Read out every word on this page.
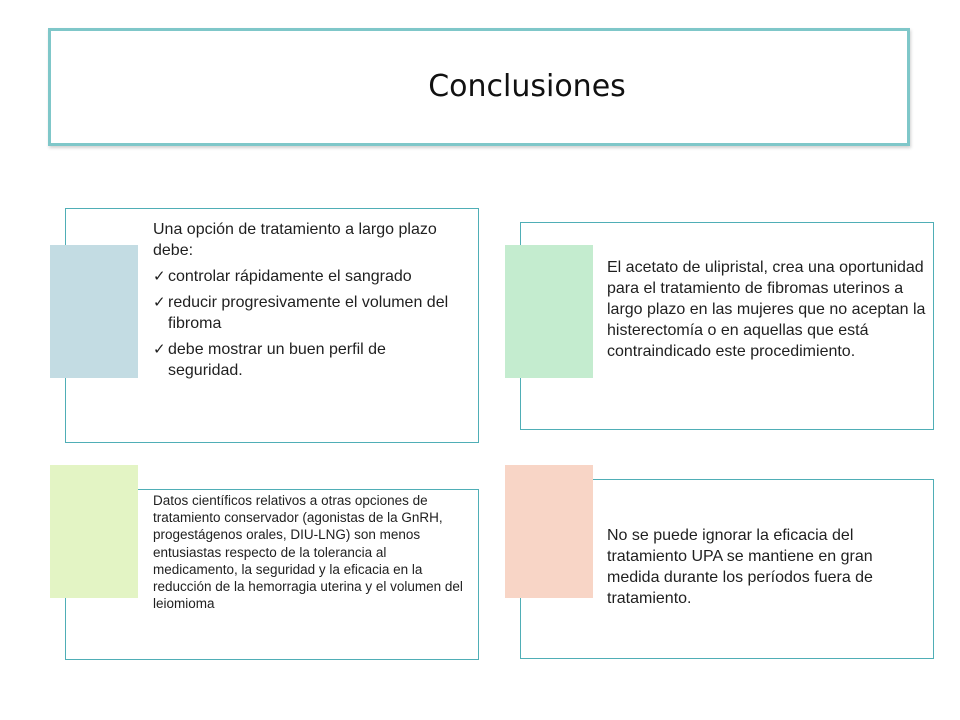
Conclusiones
Una opción de tratamiento a largo plazo debe:
✓ controlar rápidamente el sangrado
✓ reducir progresivamente el volumen del fibroma
✓ debe mostrar un buen perfil de seguridad.
El acetato de ulipristal, crea una oportunidad para el tratamiento de fibromas uterinos a largo plazo en las mujeres que no aceptan la histerectomía o en aquellas que está contraindicado este procedimiento.
Datos científicos relativos a otras opciones de tratamiento conservador (agonistas de la GnRH, progestágenos orales, DIU-LNG) son menos entusiastas respecto de la tolerancia al medicamento, la seguridad y la eficacia en la reducción de la hemorragia uterina y el volumen del leiomioma
No se puede ignorar la eficacia del tratamiento UPA se mantiene en gran medida durante los períodos fuera de tratamiento.
